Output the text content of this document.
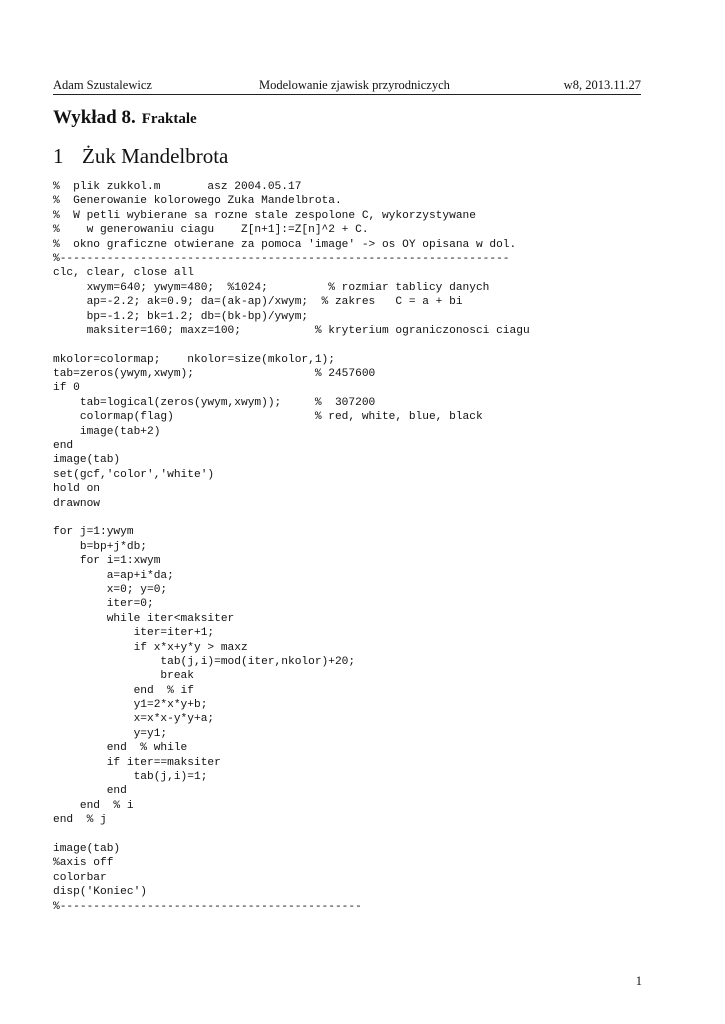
Adam Szustalewicz	Modelowanie zjawisk przyrodniczych	w8, 2013.11.27
Wykład 8. Fraktale
1 Żuk Mandelbrota
%  plik zukkol.m       asz 2004.05.17
%  Generowanie kolorowego Zuka Mandelbrota.
%  W petli wybierane sa rozne stale zespolone C, wykorzystywane
%    w generowaniu ciagu    Z[n+1]:=Z[n]^2 + C.
%  okno graficzne otwierane za pomoca 'image' -> os OY opisana w dol.
%-------------------------------------------------------------------
clc, clear, close all
xwym=640; ywym=480;  %1024;         % rozmiar tablicy danych
ap=-2.2; ak=0.9; da=(ak-ap)/xwym;  % zakres   C = a + bi
bp=-1.2; bk=1.2; db=(bk-bp)/ywym;
maksiter=160; maxz=100;           % kryterium ograniczonosci ciagu
mkolor=colormap;    nkolor=size(mkolor,1);
tab=zeros(ywym,xwym);                  % 2457600
if 0
tab=logical(zeros(ywym,xwym));     %  307200
colormap(flag)                     % red, white, blue, black
image(tab+2)
end
image(tab)
set(gcf,'color','white')
hold on
drawnow
for j=1:ywym
b=bp+j*db;
for i=1:xwym
a=ap+i*da;
x=0; y=0;
iter=0;
while iter<maksiter
iter=iter+1;
if x*x+y*y > maxz
tab(j,i)=mod(iter,nkolor)+20;
break
end  % if
y1=2*x*y+b;
x=x*x-y*y+a;
y=y1;
end  % while
if iter==maksiter
tab(j,i)=1;
end
end  % i
end  % j
image(tab)
%axis off
colorbar
disp('Koniec')
%---------------------------------------------
1
